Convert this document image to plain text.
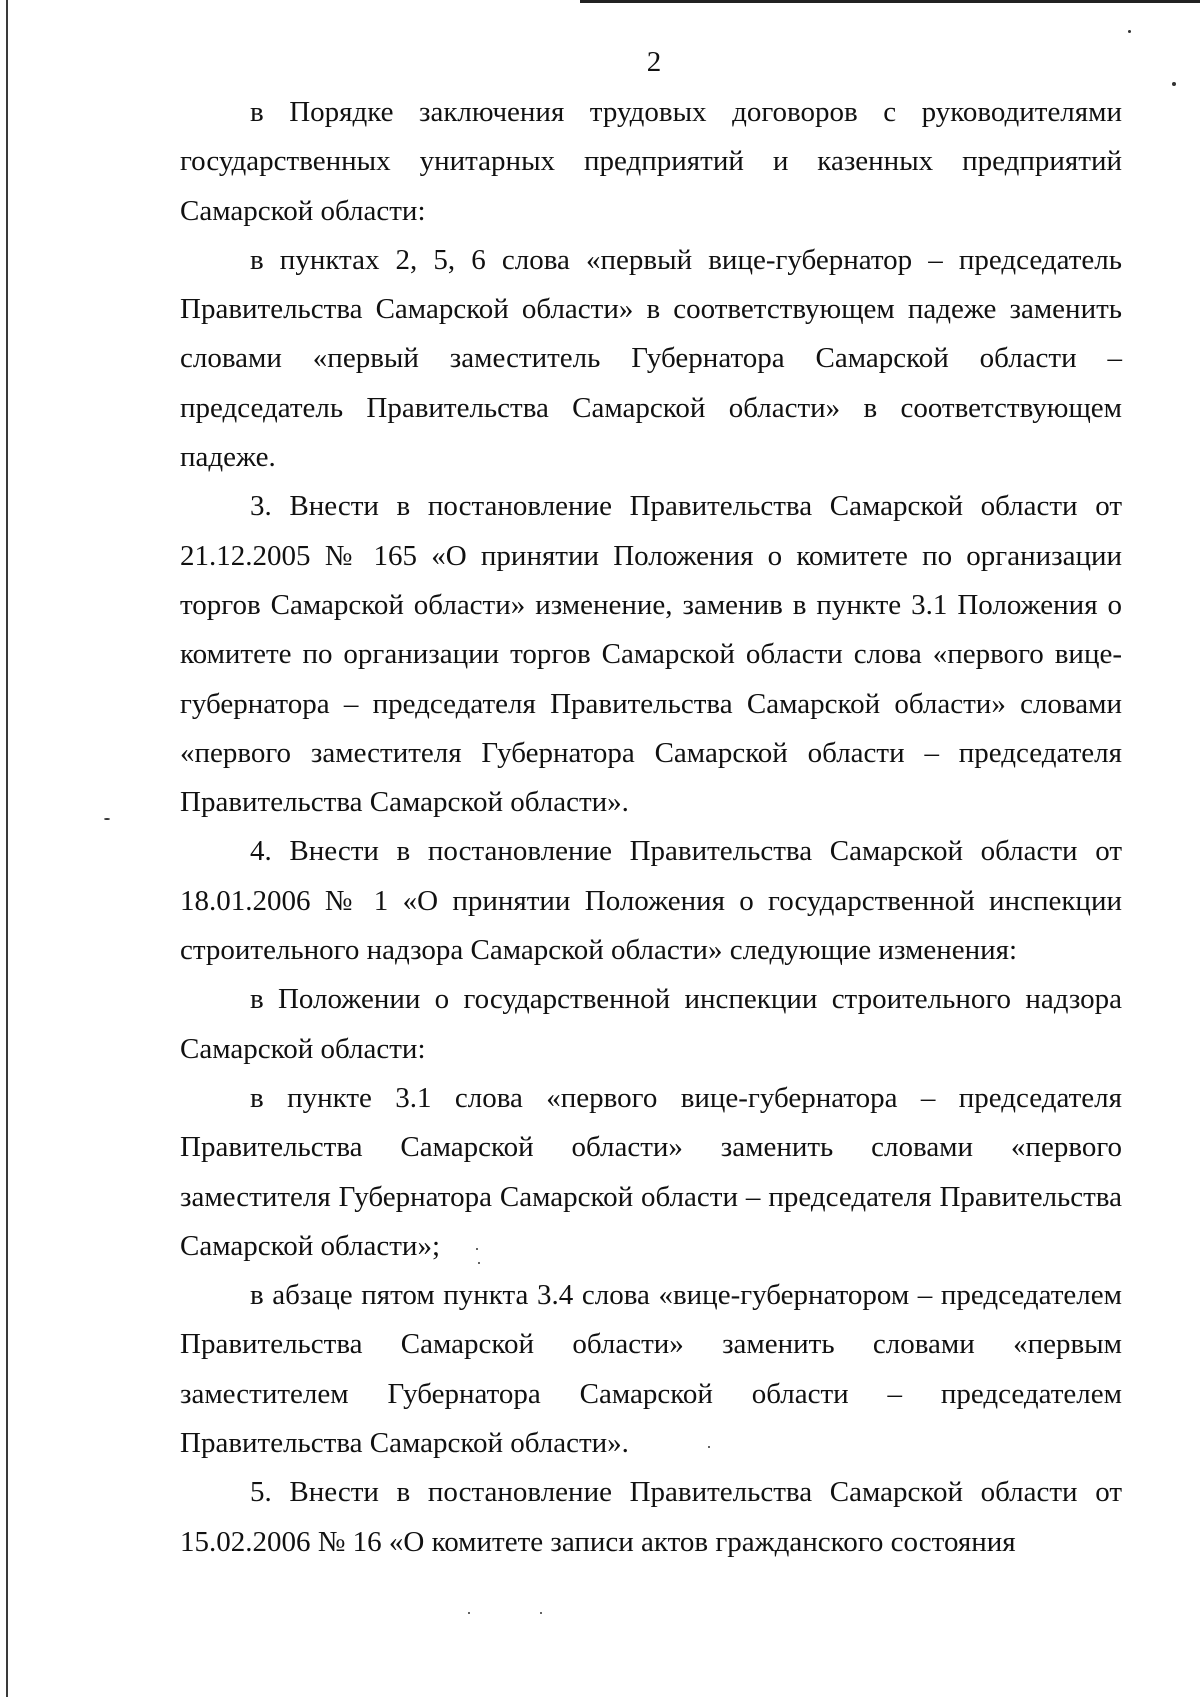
2

в Порядке заключения трудовых договоров с руководителями государственных унитарных предприятий и казенных предприятий Самарской области:

в пунктах 2, 5, 6 слова «первый вице-губернатор – председатель Правительства Самарской области» в соответствующем падеже заменить словами «первый заместитель Губернатора Самарской области – председатель Правительства Самарской области» в соответствующем падеже.

3. Внести в постановление Правительства Самарской области от 21.12.2005 № 165 «О принятии Положения о комитете по организации торгов Самарской области» изменение, заменив в пункте 3.1 Положения о комитете по организации торгов Самарской области слова «первого вице-губернатора – председателя Правительства Самарской области» словами «первого заместителя Губернатора Самарской области – председателя Правительства Самарской области».

4. Внести в постановление Правительства Самарской области от 18.01.2006 № 1 «О принятии Положения о государственной инспекции строительного надзора Самарской области» следующие изменения:

в Положении о государственной инспекции строительного надзора Самарской области:

в пункте 3.1 слова «первого вице-губернатора – председателя Правительства Самарской области» заменить словами «первого заместителя Губернатора Самарской области – председателя Правительства Самарской области»;

в абзаце пятом пункта 3.4 слова «вице-губернатором – председателем Правительства Самарской области» заменить словами «первым заместителем Губернатора Самарской области – председателем Правительства Самарской области».

5. Внести в постановление Правительства Самарской области от 15.02.2006 № 16 «О комитете записи актов гражданского состояния
